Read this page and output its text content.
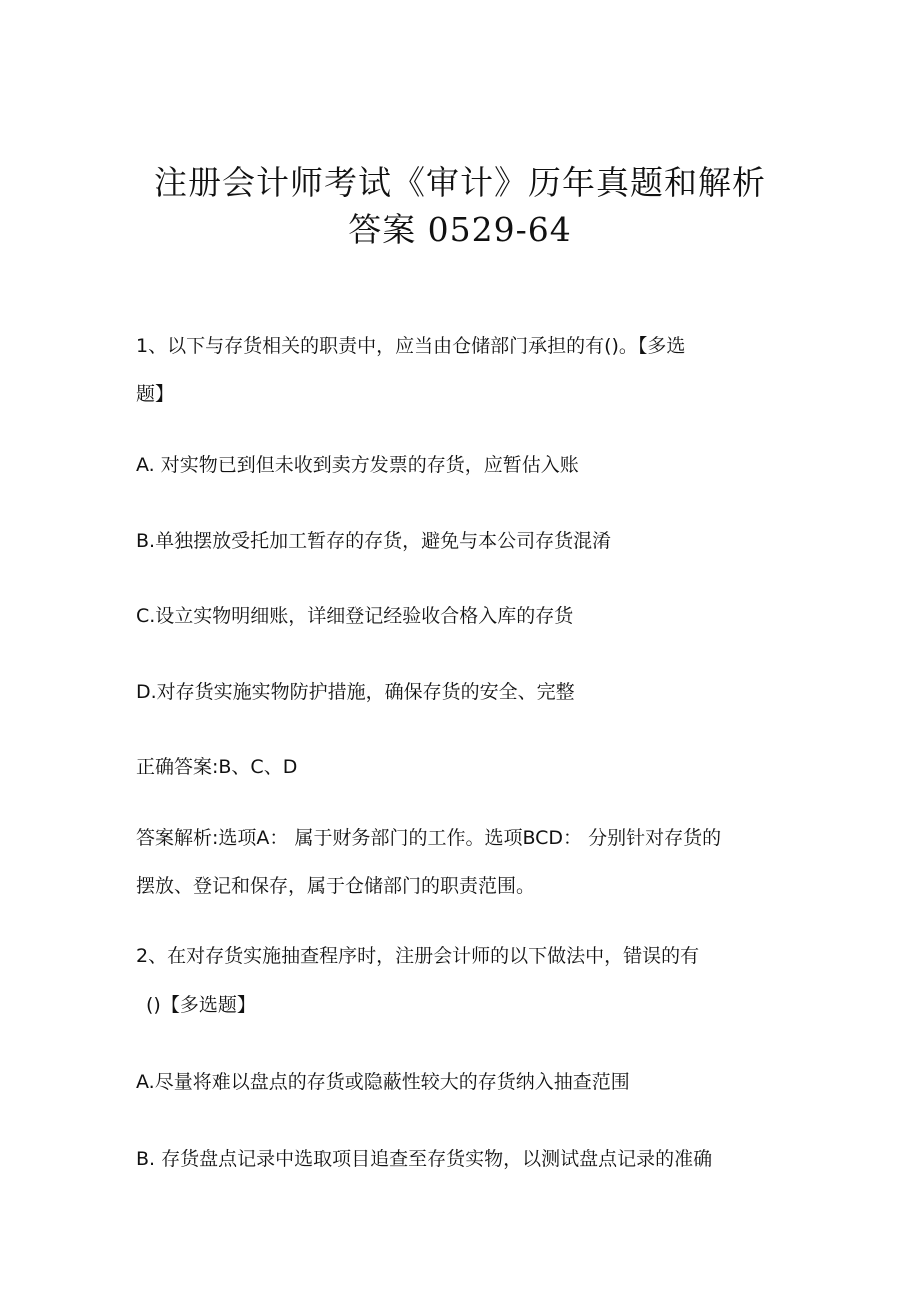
注册会计师考试《审计》历年真题和解析
答案 0529-64

1、以下与存货相关的职责中，应当由仓储部门承担的有()。【多选

题】

A. 对实物已到但未收到卖方发票的存货，应暂估入账

B.单独摆放受托加工暂存的存货，避免与本公司存货混淆

C.设立实物明细账，详细登记经验收合格入库的存货

D.对存货实施实物防护措施，确保存货的安全、完整

正确答案:B、C、D

答案解析:选项A： 属于财务部门的工作。选项BCD： 分别针对存货的

摆放、登记和保存，属于仓储部门的职责范围。

2、在对存货实施抽查程序时，注册会计师的以下做法中，错误的有

()【多选题】

A.尽量将难以盘点的存货或隐蔽性较大的存货纳入抽查范围

B. 存货盘点记录中选取项目追查至存货实物，以测试盘点记录的准确
